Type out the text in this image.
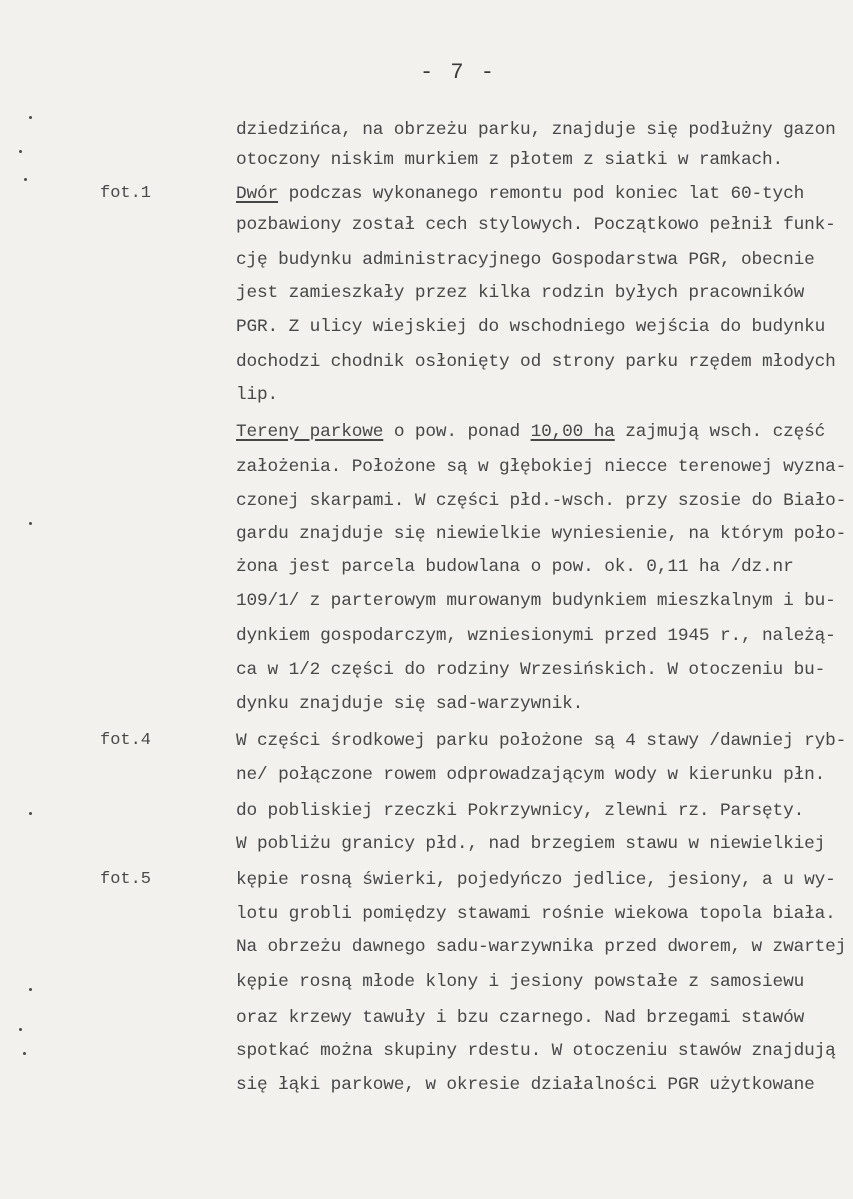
- 7 -
fot.1
fot.4
fot.5
dziedzińca, na obrzeżu parku, znajduje się podłużny gazon
otoczony niskim murkiem z płotem z siatki w ramkach.
Dwór podczas wykonanego remontu pod koniec lat 60-tych
pozbawiony został cech stylowych. Początkowo pełnił funk-
cję budynku administracyjnego Gospodarstwa PGR, obecnie
jest zamieszkały przez kilka rodzin byłych pracowników
PGR. Z ulicy wiejskiej do wschodniego wejścia do budynku
dochodzi chodnik osłonięty od strony parku rzędem młodych
lip.
Tereny parkowe o pow. ponad 10,00 ha zajmują wsch. część
założenia. Położone są w głębokiej niecce terenowej wyzna-
czonej skarpami. W części płd.-wsch. przy szosie do Biało-
gardu znajduje się niewielkie wyniesienie, na którym poło-
żona jest parcela budowlana o pow. ok. 0,11 ha /dz.nr
109/1/ z parterowym murowanym budynkiem mieszkalnym i bu-
dynkiem gospodarczym, wzniesionymi przed 1945 r., należą-
ca w 1/2 części do rodziny Wrzesińskich. W otoczeniu bu-
dynku znajduje się sad-warzywnik.
W części środkowej parku położone są 4 stawy /dawniej ryb-
ne/ połączone rowem odprowadzającym wody w kierunku płn.
do pobliskiej rzeczki Pokrzywnicy, zlewni rz. Parsęty.
W pobliżu granicy płd., nad brzegiem stawu w niewielkiej
kępie rosną świerki, pojedyńczo jedlice, jesiony, a u wy-
lotu grobli pomiędzy stawami rośnie wiekowa topola biała.
Na obrzeżu dawnego sadu-warzywnika przed dworem, w zwartej
kępie rosną młode klony i jesiony powstałe z samosiewu
oraz krzewy tawuły i bzu czarnego. Nad brzegami stawów
spotkać można skupiny rdestu. W otoczeniu stawów znajdują
się łąki parkowe, w okresie działalności PGR użytkowane
